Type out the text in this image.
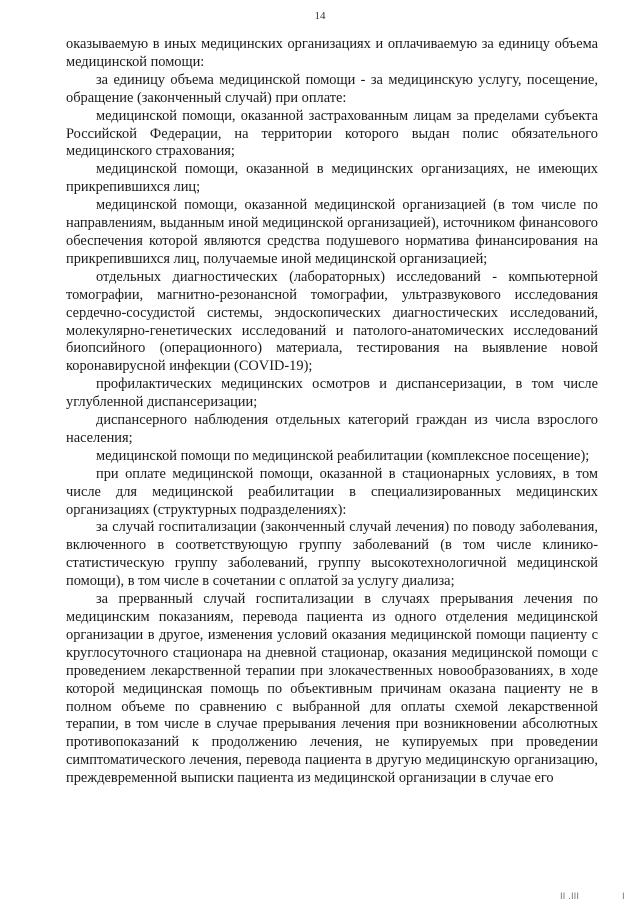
14

оказываемую в иных медицинских организациях и оплачиваемую за единицу объема медицинской помощи:

за единицу объема медицинской помощи - за медицинскую услугу, посещение, обращение (законченный случай) при оплате:

медицинской помощи, оказанной застрахованным лицам за пределами субъекта Российской Федерации, на территории которого выдан полис обязательного медицинского страхования;

медицинской помощи, оказанной в медицинских организациях, не имеющих прикрепившихся лиц;

медицинской помощи, оказанной медицинской организацией (в том числе по направлениям, выданным иной медицинской организацией), источником финансового обеспечения которой являются средства подушевого норматива финансирования на прикрепившихся лиц, получаемые иной медицинской организацией;

отдельных диагностических (лабораторных) исследований - компьютерной томографии, магнитно-резонансной томографии, ультразвукового исследования сердечно-сосудистой системы, эндоскопических диагностических исследований, молекулярно-генетических исследований и патолого-анатомических исследований биопсийного (операционного) материала, тестирования на выявление новой коронавирусной инфекции (COVID-19);

профилактических медицинских осмотров и диспансеризации, в том числе углубленной диспансеризации;

диспансерного наблюдения отдельных категорий граждан из числа взрослого населения;

медицинской помощи по медицинской реабилитации (комплексное посещение);

при оплате медицинской помощи, оказанной в стационарных условиях, в том числе для медицинской реабилитации в специализированных медицинских организациях (структурных подразделениях):

за случай госпитализации (законченный случай лечения) по поводу заболевания, включенного в соответствующую группу заболеваний (в том числе клинико-статистическую группу заболеваний, группу высокотехнологичной медицинской помощи), в том числе в сочетании с оплатой за услугу диализа;

за прерванный случай госпитализации в случаях прерывания лечения по медицинским показаниям, перевода пациента из одного отделения медицинской организации в другое, изменения условий оказания медицинской помощи пациенту с круглосуточного стационара на дневной стационар, оказания медицинской помощи с проведением лекарственной терапии при злокачественных новообразованиях, в ходе которой медицинская помощь по объективным причинам оказана пациенту не в полном объеме по сравнению с выбранной для оплаты схемой лекарственной терапии, в том числе в случае прерывания лечения при возникновении абсолютных противопоказаний к продолжению лечения, не купируемых при проведении симптоматического лечения, перевода пациента в другую медицинскую организацию, преждевременной выписки пациента из медицинской организации в случае его

II .III	I
